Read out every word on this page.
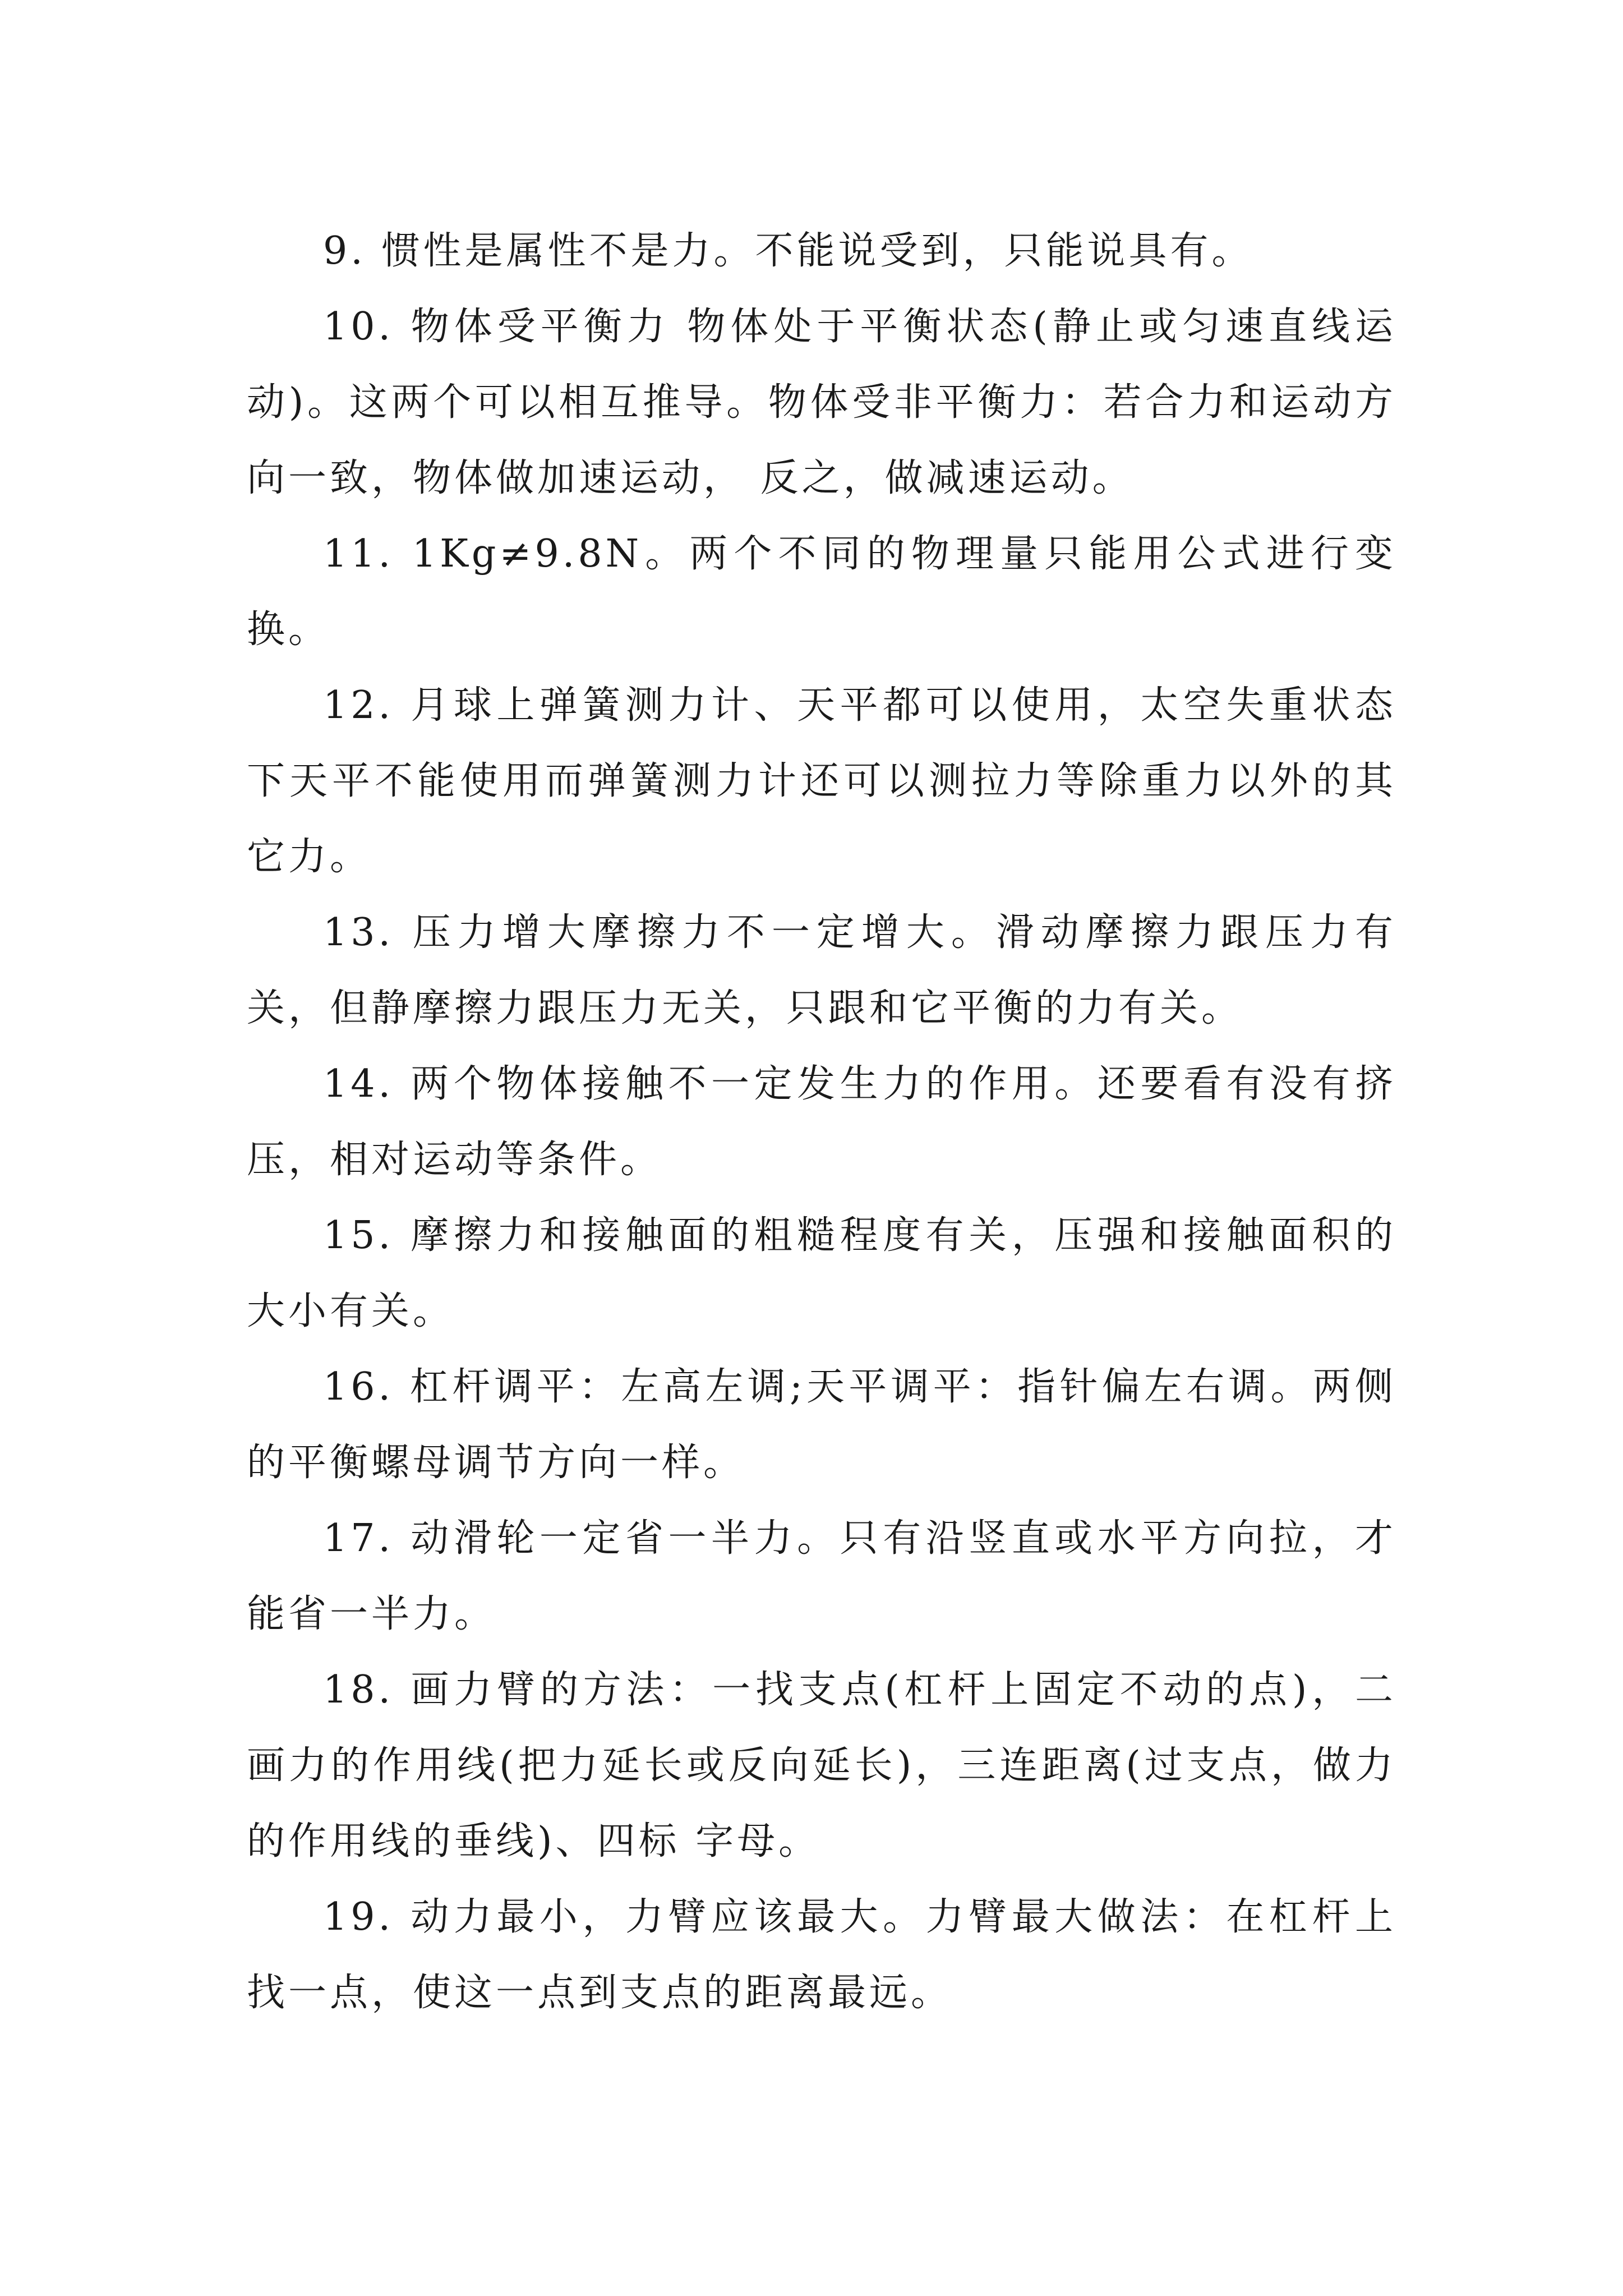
9. 惯性是属性不是力。不能说受到，只能说具有。

10. 物体受平衡力 物体处于平衡状态(静止或匀速直线运动)。这两个可以相互推导。物体受非平衡力：若合力和运动方向一致，物体做加速运动， 反之，做减速运动。

11. 1Kg≠9.8N。两个不同的物理量只能用公式进行变换。

12. 月球上弹簧测力计、天平都可以使用，太空失重状态下天平不能使用而弹簧测力计还可以测拉力等除重力以外的其它力。

13. 压力增大摩擦力不一定增大。滑动摩擦力跟压力有关，但静摩擦力跟压力无关，只跟和它平衡的力有关。

14. 两个物体接触不一定发生力的作用。还要看有没有挤压，相对运动等条件。

15. 摩擦力和接触面的粗糙程度有关，压强和接触面积的大小有关。

16. 杠杆调平：左高左调;天平调平：指针偏左右调。两侧的平衡螺母调节方向一样。

17. 动滑轮一定省一半力。只有沿竖直或水平方向拉，才能省一半力。

18. 画力臂的方法：一找支点(杠杆上固定不动的点)，二画力的作用线(把力延长或反向延长)，三连距离(过支点，做力的作用线的垂线)、四标 字母。

19. 动力最小，力臂应该最大。力臂最大做法：在杠杆上找一点，使这一点到支点的距离最远。
